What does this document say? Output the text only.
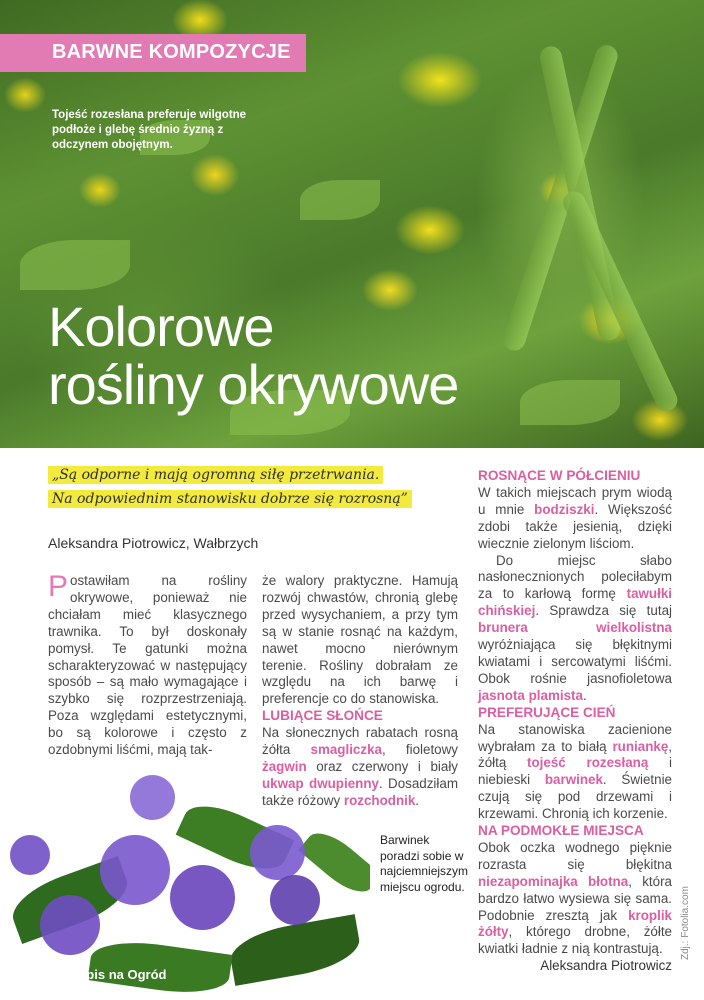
BARWNE KOMPOZYCJE
Tojeść rozesłana preferuje wilgotne podłoże i glebę średnio żyzną z odczynem obojętnym.
Kolorowe
rośliny okrywowe
„Są odporne i mają ogromną siłę przetrwania.
Na odpowiednim stanowisku dobrze się rozrosną”
Aleksandra Piotrowicz, Wałbrzych

Postawiłam na rośliny okrywowe, ponieważ nie chciałam mieć klasycznego trawnika. To był doskonały pomysł. Te gatunki można scharakteryzować w następujący sposób – są mało wymagające i szybko się rozprzestrzeniają. Poza względami estetycznymi, bo są kolorowe i często z ozdobnymi liśćmi, mają tak-

że walory praktyczne. Hamują rozwój chwastów, chronią glebę przed wysychaniem, a przy tym są w stanie rosnąć na każdym, nawet mocno nierównym terenie. Rośliny dobrałam ze względu na ich barwę i preferencje co do stanowiska.

LUBIĄCE SŁOŃCE

Na słonecznych rabatach rosną żółta smagliczka, fioletowy żagwin oraz czerwony i biały ukwap dwupienny. Dosadziłam także różowy rozchodnik.

ROSNĄCE W PÓŁCIENIU

W takich miejscach prym wiodą u mnie bodziszki. Większość zdobi także jesienią, dzięki wiecznie zielonym liściom.

Do miejsc słabo nasłonecznionych poleciłabym za to karłową formę tawułki chińskiej. Sprawdza się tutaj brunera wielkolistna wyróżniająca się błękitnymi kwiatami i sercowatymi liśćmi. Obok rośnie jasnofioletowa jasnota plamista.

PREFERUJĄCE CIEŃ

Na stanowiska zacienione wybrałam za to białą runiankę, żółtą tojeść rozesłaną i niebieski barwinek. Świetnie czują się pod drzewami i krzewami. Chronią ich korzenie.

NA PODMOKŁE MIEJSCA

Obok oczka wodnego pięknie rozrasta się błękitna niezapominajka błotna, która bardzo łatwo wysiewa się sama. Podobnie zresztą jak kroplik żółty, którego drobne, żółte kwiatki ładnie z nią kontrastują.

Aleksandra Piotrowicz

Barwinek poradzi sobie w najciemniejszym miejscu ogrodu.
8 Przepis na Ogród
Zdj.: Fotolia.com
